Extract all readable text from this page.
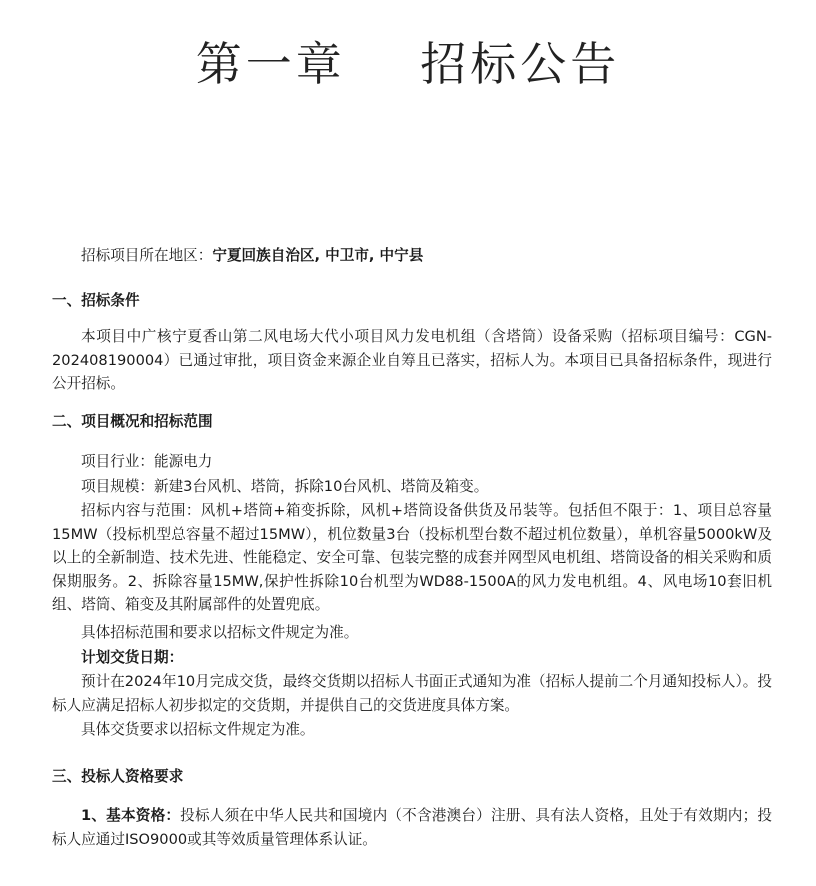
第一章    招标公告
招标项目所在地区：宁夏回族自治区, 中卫市, 中宁县
一、招标条件
本项目中广核宁夏香山第二风电场大代小项目风力发电机组（含塔筒）设备采购（招标项目编号：CGN-202408190004）已通过审批，项目资金来源企业自筹且已落实，招标人为。本项目已具备招标条件，现进行公开招标。
二、项目概况和招标范围
项目行业：能源电力
项目规模：新建3台风机、塔筒，拆除10台风机、塔筒及箱变。
招标内容与范围：风机+塔筒+箱变拆除，风机+塔筒设备供货及吊装等。包括但不限于：1、项目总容量15MW（投标机型总容量不超过15MW），机位数量3台（投标机型台数不超过机位数量），单机容量5000kW及以上的全新制造、技术先进、性能稳定、安全可靠、包装完整的成套并网型风电机组、塔筒设备的相关采购和质保期服务。2、拆除容量15MW,保护性拆除10台机型为WD88-1500A的风力发电机组。4、风电场10套旧机组、塔筒、箱变及其附属部件的处置兜底。
具体招标范围和要求以招标文件规定为准。
计划交货日期：
预计在2024年10月完成交货，最终交货期以招标人书面正式通知为准（招标人提前二个月通知投标人）。投标人应满足招标人初步拟定的交货期，并提供自己的交货进度具体方案。
具体交货要求以招标文件规定为准。
三、投标人资格要求
1、基本资格：投标人须在中华人民共和国境内（不含港澳台）注册、具有法人资格，且处于有效期内；投标人应通过ISO9000或其等效质量管理体系认证。
